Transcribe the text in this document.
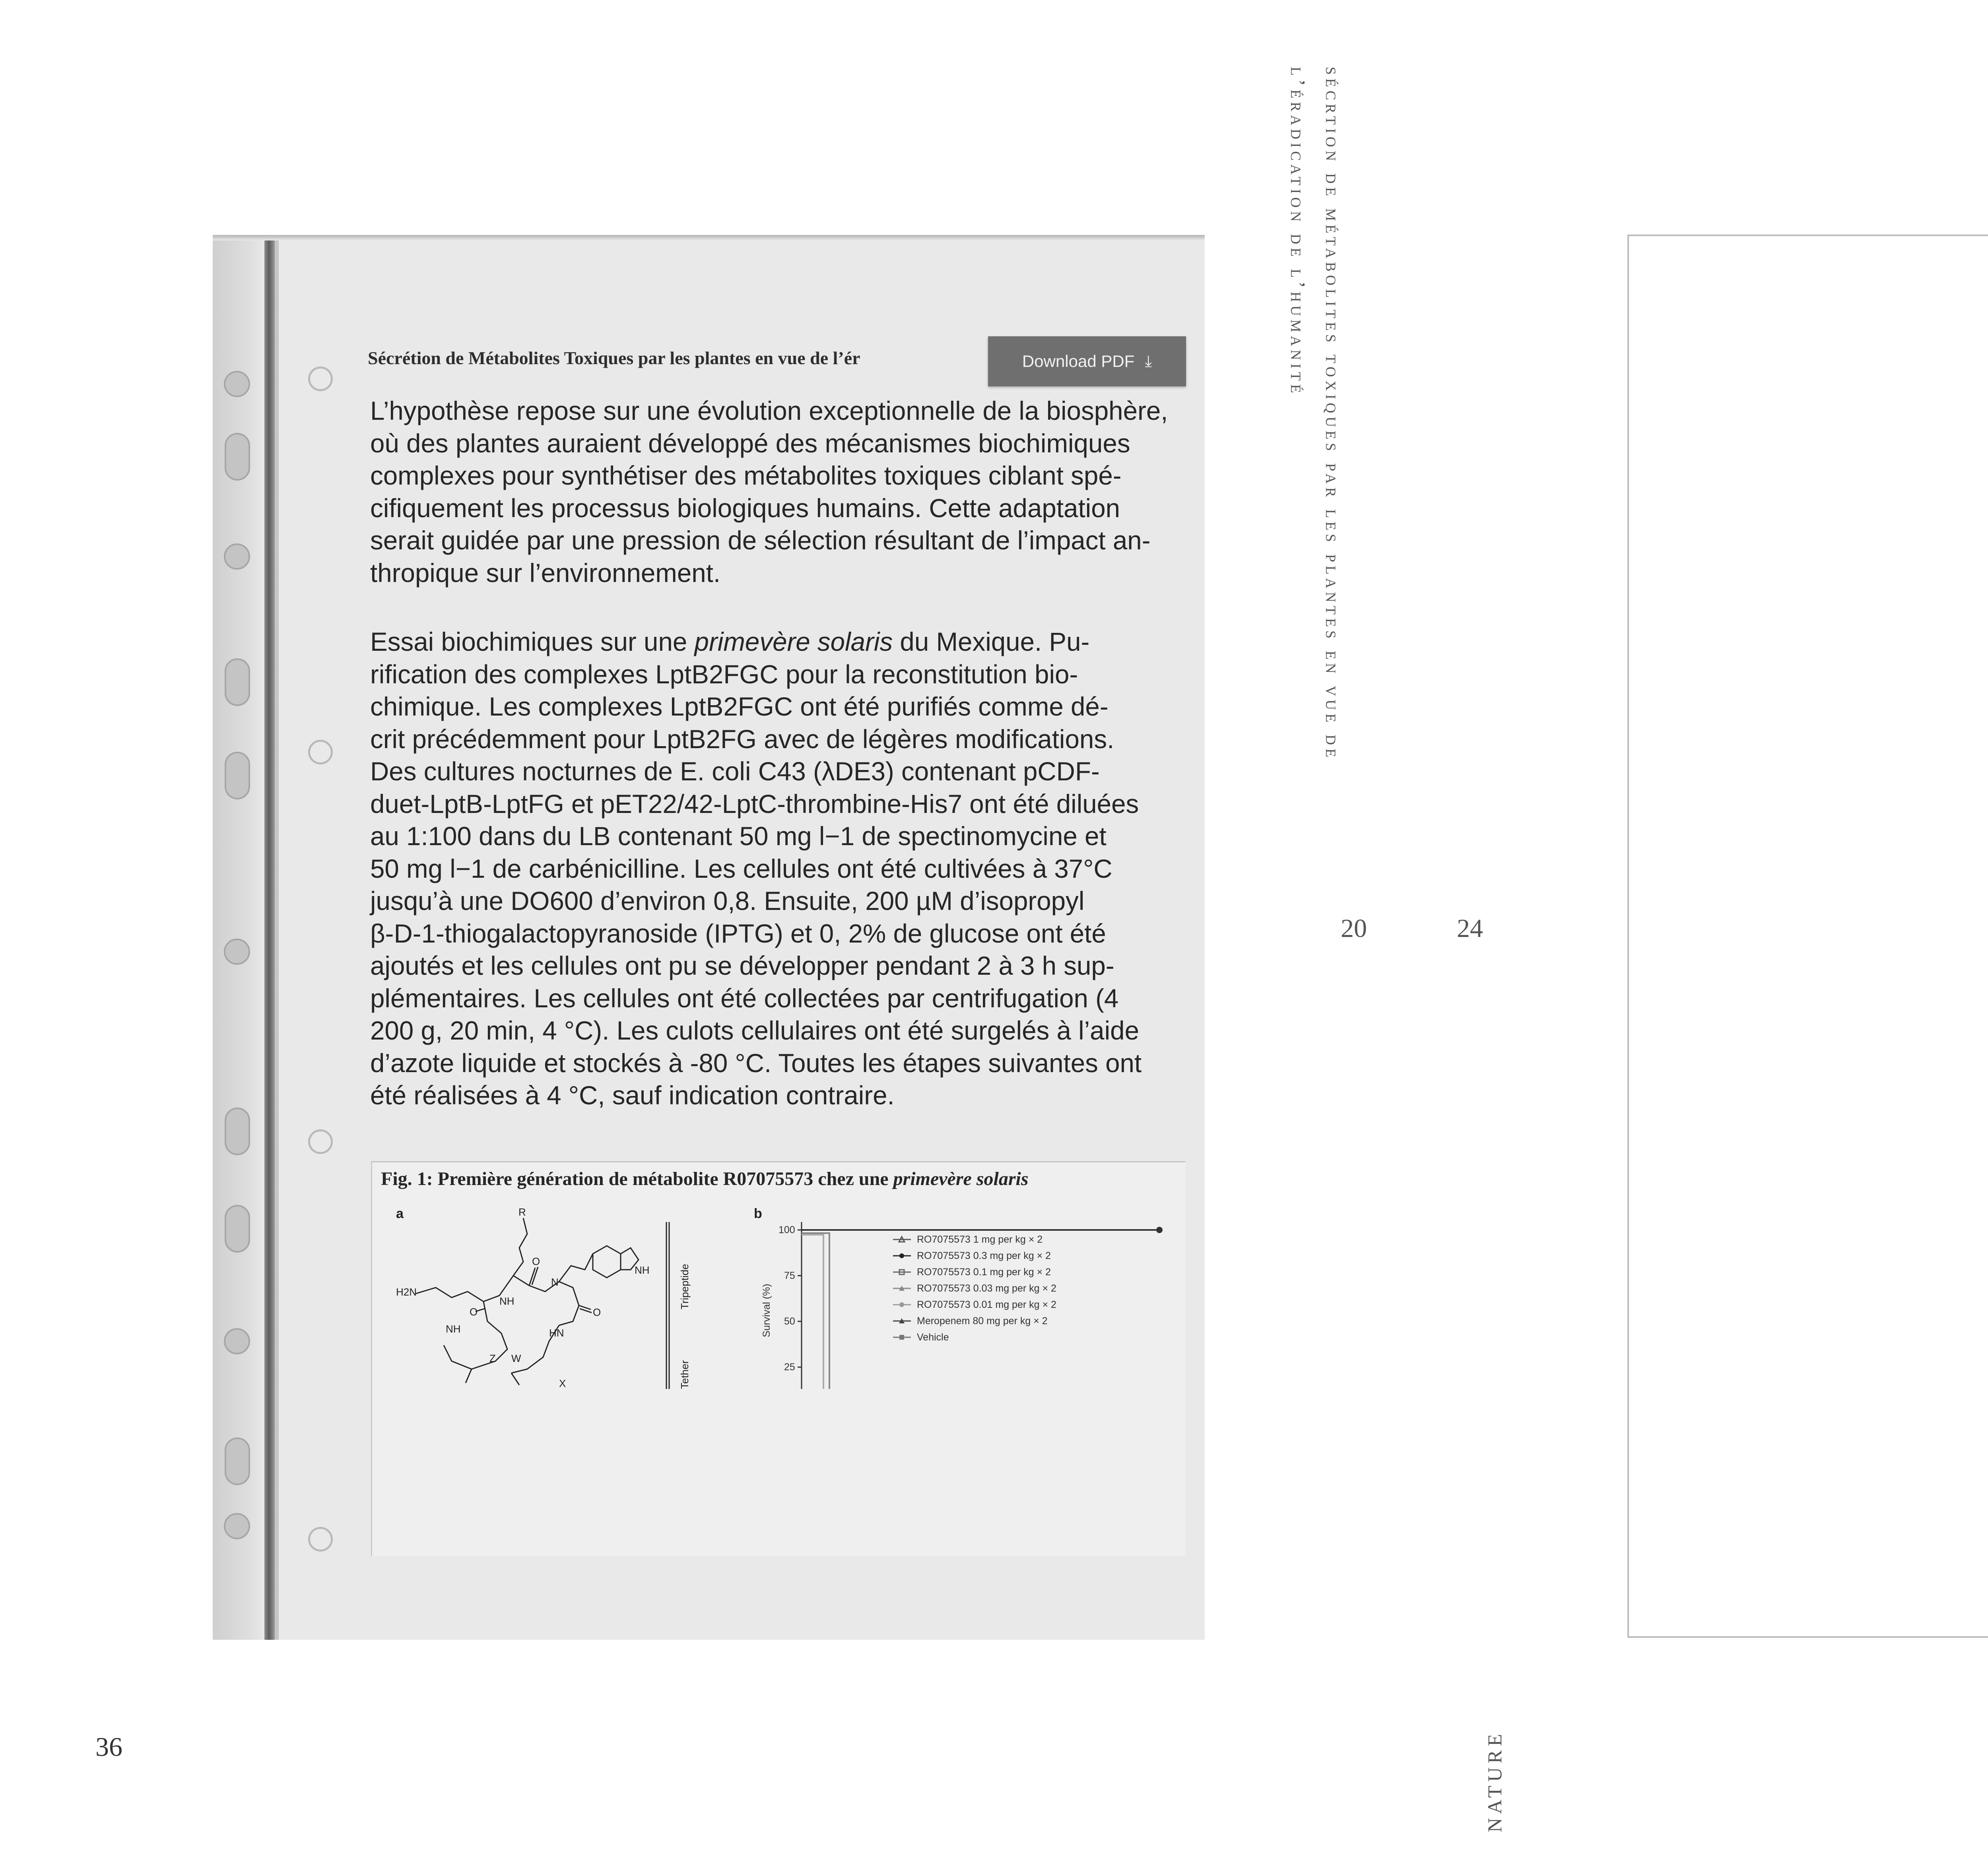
Sécrétion de Métabolites Toxiques par les plantes en vue de l’ér	Download PDF ⤓
L’hypothèse repose sur une évolution exceptionnelle de la biosphère,
où des plantes auraient développé des mécanismes biochimiques
complexes pour synthétiser des métabolites toxiques ciblant spé-
cifiquement les processus biologiques humains. Cette adaptation
serait guidée par une pression de sélection résultant de l’impact an-
thropique sur l’environnement.
Essai biochimiques sur une primevère solaris du Mexique. Pu-
rification des complexes LptB2FGC pour la reconstitution bio-
chimique. Les complexes LptB2FGC ont été purifiés comme dé-
crit précédemment pour LptB2FG avec de légères modifications.
Des cultures nocturnes de E. coli C43 (λDE3) contenant pCDF-
duet-LptB-LptFG et pET22/42-LptC-thrombine-His7 ont été diluées
au 1:100 dans du LB contenant 50 mg l−1 de spectinomycine et
50 mg l−1 de carbénicilline. Les cellules ont été cultivées à 37°C
jusqu’à une DO600 d’environ 0,8. Ensuite, 200 µM d’isopropyl
β-D-1-thiogalactopyranoside (IPTG) et 0, 2% de glucose ont été
ajoutés et les cellules ont pu se développer pendant 2 à 3 h sup-
plémentaires. Les cellules ont été collectées par centrifugation (4
200 g, 20 min, 4 °C). Les culots cellulaires ont été surgelés à l’aide
d’azote liquide et stockés à -80 °C. Toutes les étapes suivantes ont
été réalisées à 4 °C, sauf indication contraire.
Fig. 1: Première génération de métabolite R07075573 chez une primevère solaris
a	R
O
N
H2N
O
NH
O
NH
HN
NH
Z W
X
Tripeptide
Tether
b
Survival (%)
100
75
50
25
RO7075573 1 mg per kg × 2
RO7075573 0.3 mg per kg × 2
RO7075573 0.1 mg per kg × 2
RO7075573 0.03 mg per kg × 2
RO7075573 0.01 mg per kg × 2
Meropenem 80 mg per kg × 2
Vehicle
36
sécrtion de métabolites toxiques par les plantes en vue de l’éradication de l’humanité
20	24
NATURE
